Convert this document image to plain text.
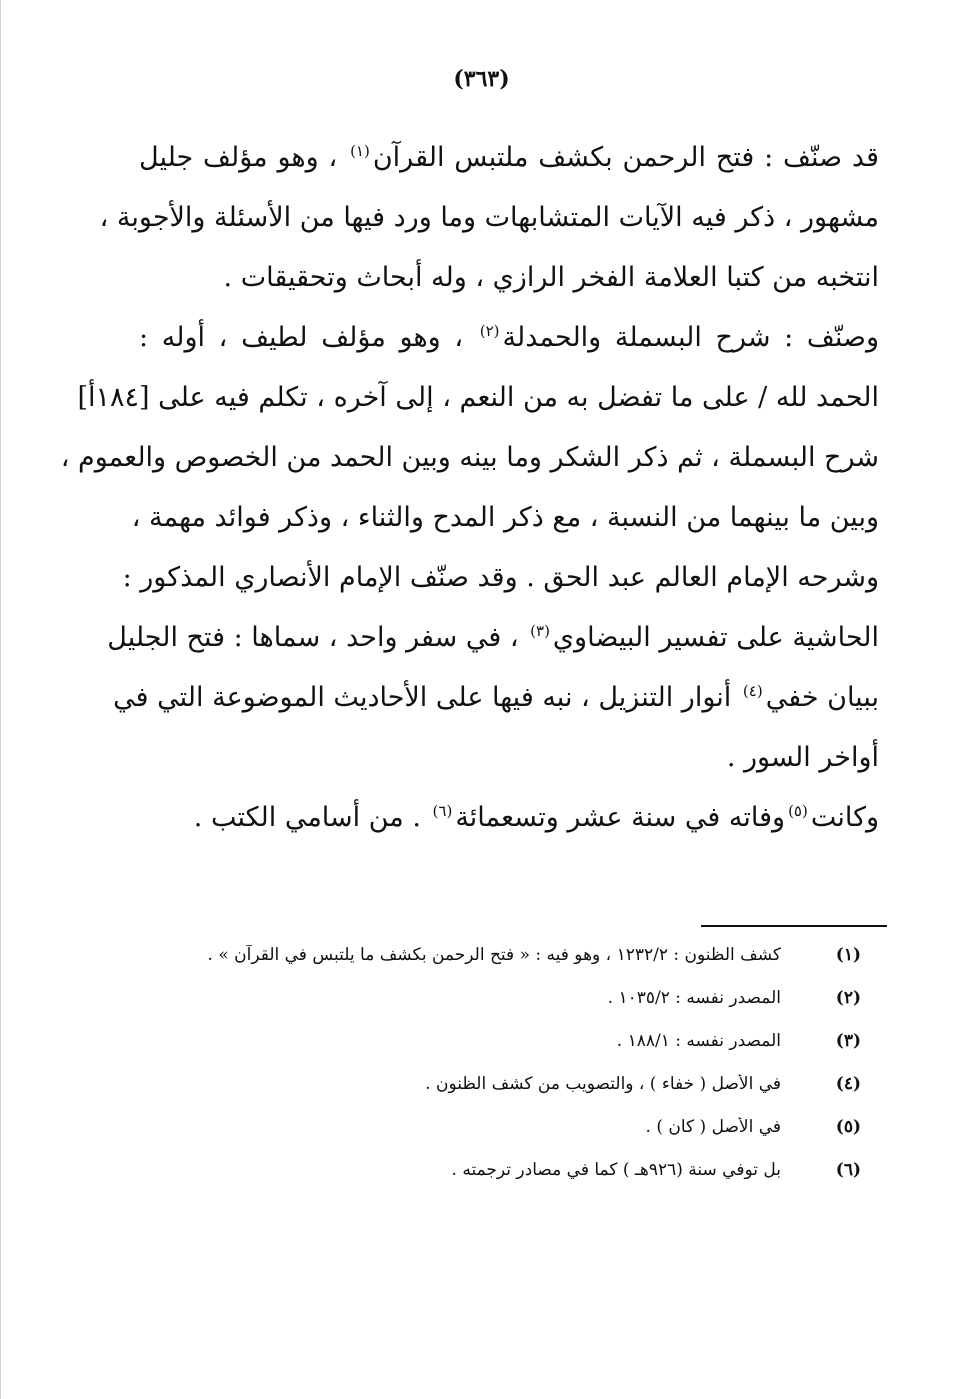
(٣٦٣)
قد صنّف : فتح الرحمن بكشف ملتبس القرآن$^{(١)}$ ، وهو مؤلف جليل
مشهور ، ذكر فيه الآيات المتشابهات وما ورد فيها من الأسئلة والأجوبة ،
انتخبه من كتبا العلامة الفخر الرازي ، وله أبحاث وتحقيقات .
وصنّف : شرح البسملة والحمدلة$^{(٢)}$ ، وهو مؤلف لطيف ، أوله :
الحمد لله / على ما تفضل به من النعم ، إلى آخره ، تكلم فيه على [١٨٤أ]
شرح البسملة ، ثم ذكر الشكر وما بينه وبين الحمد من الخصوص والعموم ،
وبين ما بينهما من النسبة ، مع ذكر المدح والثناء ، وذكر فوائد مهمة ،
وشرحه الإمام العالم عبد الحق . وقد صنّف الإمام الأنصاري المذكور :
الحاشية على تفسير البيضاوي$^{(٣)}$ ، في سفر واحد ، سماها : فتح الجليل
ببيان خفي$^{(٤)}$ أنوار التنزيل ، نبه فيها على الأحاديث الموضوعة التي في
أواخر السور .
وكانت$^{(٥)}$وفاته في سنة عشر وتسعمائة$^{(٦)}$ . من أسامي الكتب .
(١)
كشف الظنون : ١٢٣٢/٢ ، وهو فيه : « فتح الرحمن بكشف ما يلتبس في القرآن » .
(٢)
المصدر نفسه : ١٠٣٥/٢ .
(٣)
المصدر نفسه : ١٨٨/١ .
(٤)
في الأصل ( خفاء ) ، والتصويب من كشف الظنون .
(٥)
في الأصل ( كان ) .
(٦)
بل توفي سنة (٩٢٦هـ ) كما في مصادر ترجمته .
